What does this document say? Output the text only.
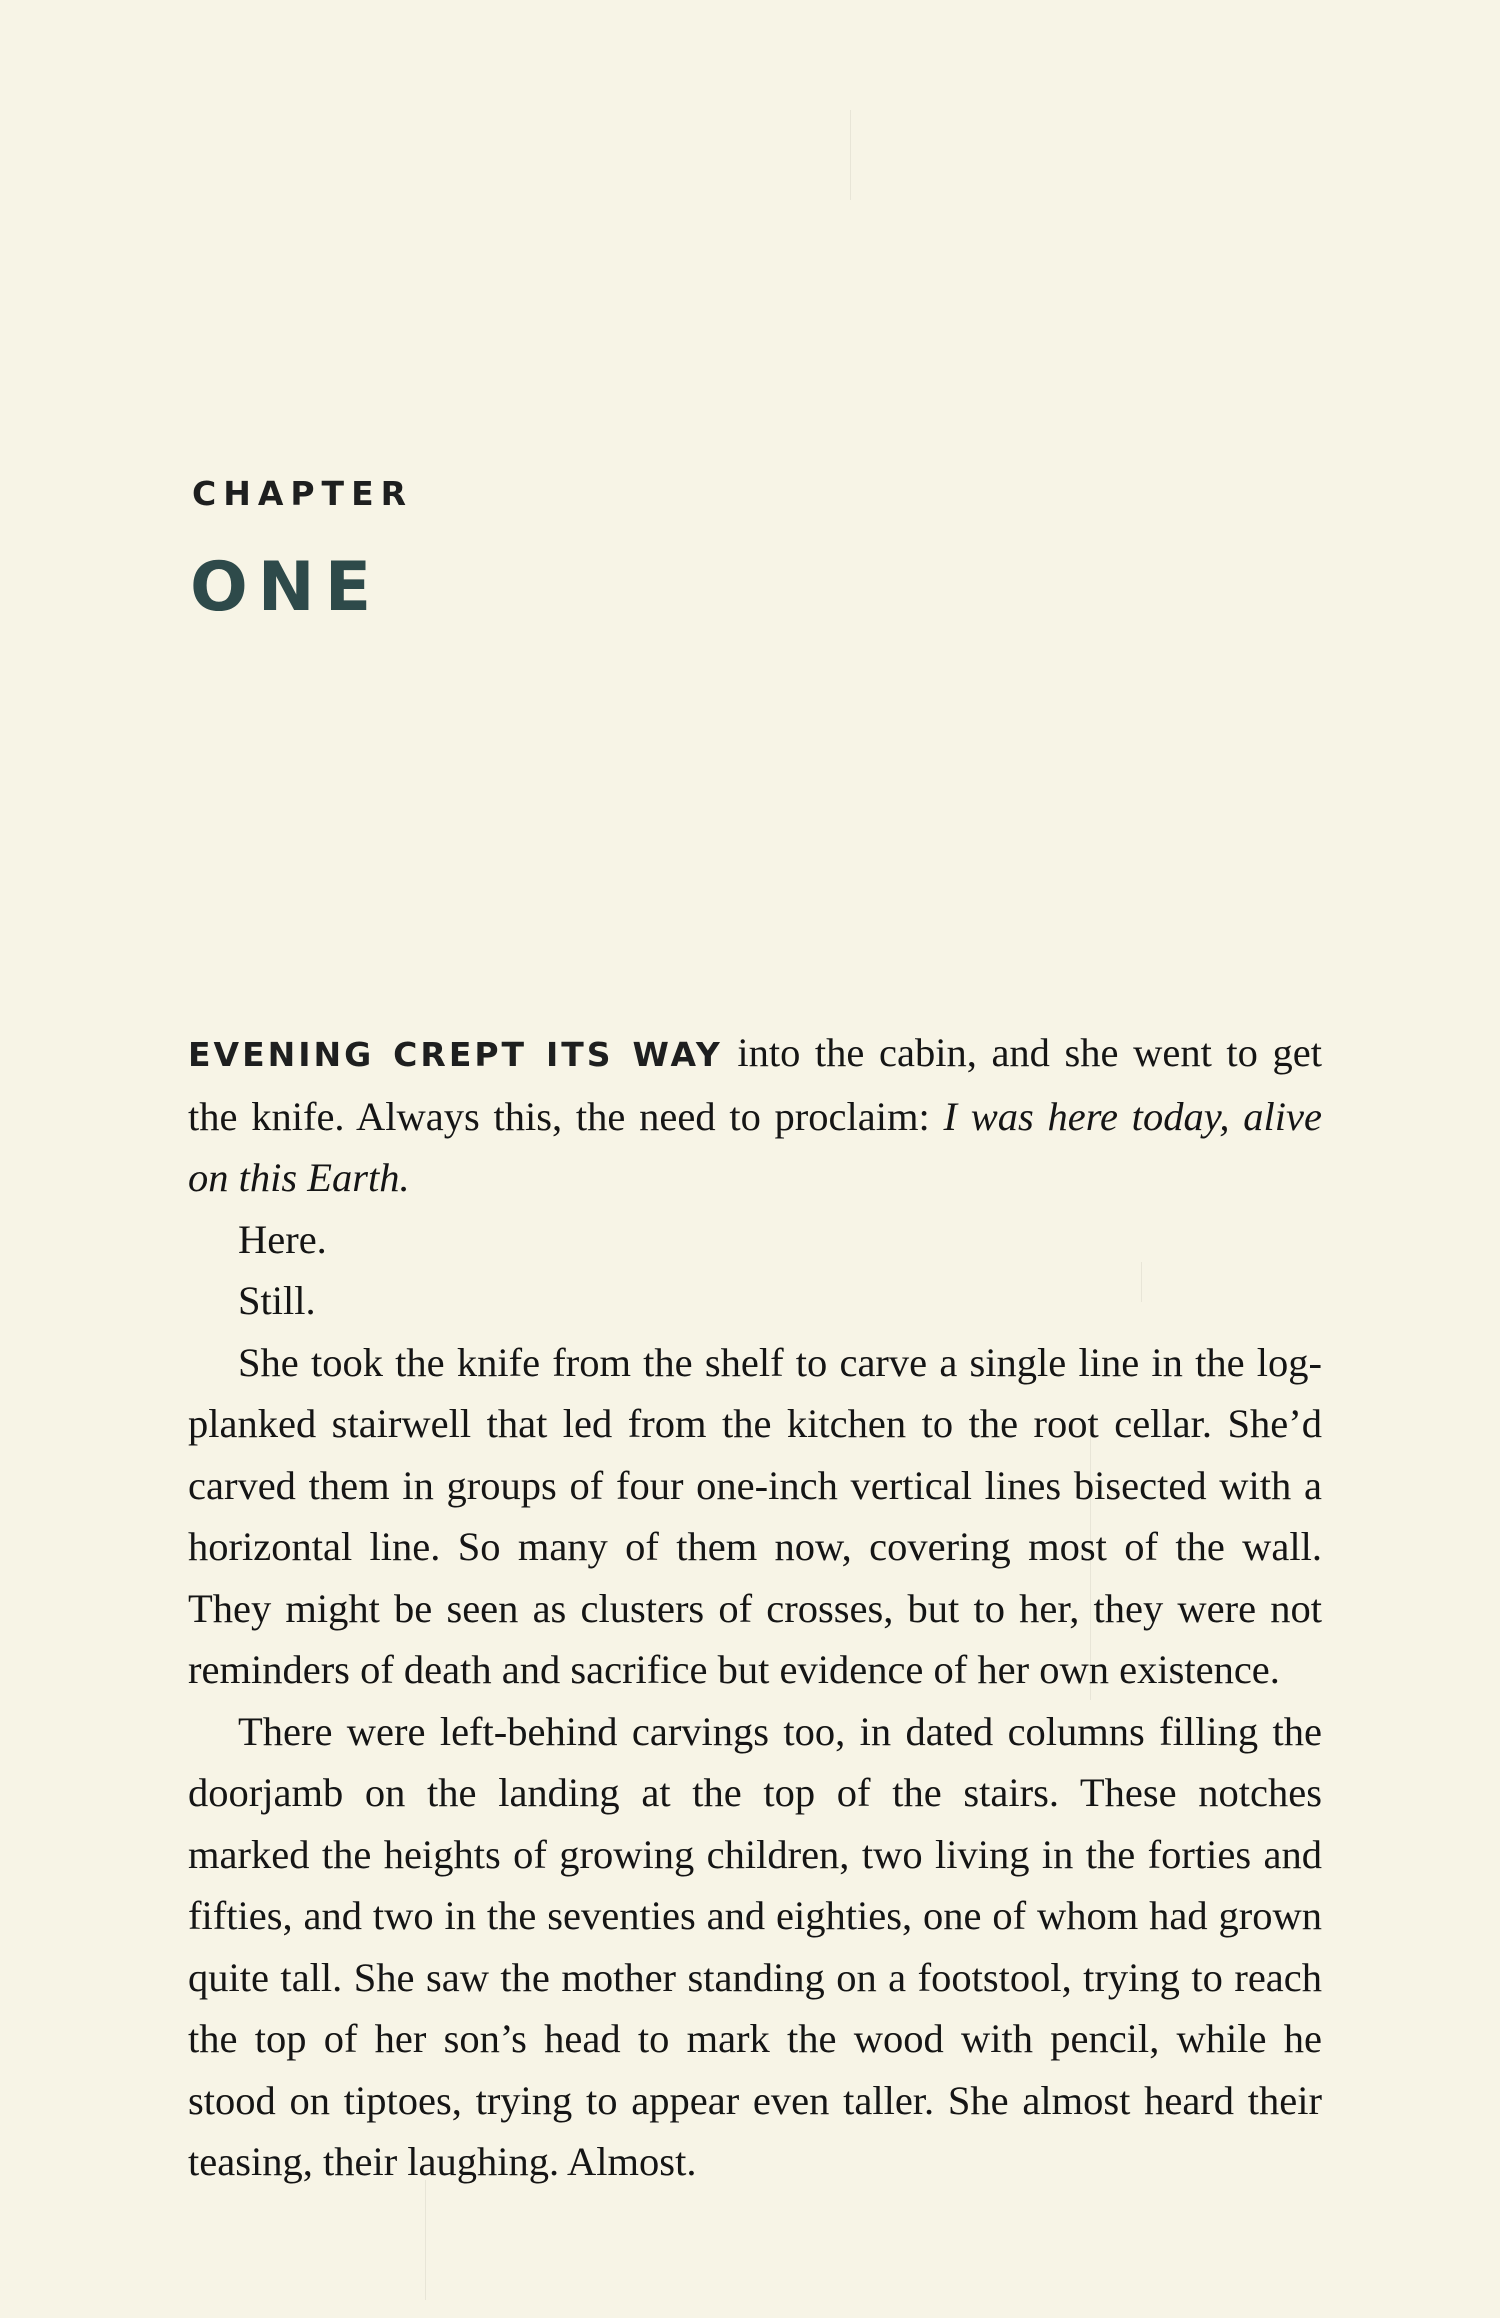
CHAPTER
ONE

EVENING CREPT ITS WAY into the cabin, and she went to get the knife. Always this, the need to proclaim: I was here today, alive on this Earth.

Here.

Still.

She took the knife from the shelf to carve a single line in the log-planked stairwell that led from the kitchen to the root cellar. She’d carved them in groups of four one-inch vertical lines bisected with a horizontal line. So many of them now, covering most of the wall. They might be seen as clusters of crosses, but to her, they were not reminders of death and sacrifice but evidence of her own existence.

There were left-behind carvings too, in dated columns filling the doorjamb on the landing at the top of the stairs. These notches marked the heights of growing children, two living in the forties and fifties, and two in the seventies and eighties, one of whom had grown quite tall. She saw the mother standing on a footstool, trying to reach the top of her son’s head to mark the wood with pencil, while he stood on tiptoes, trying to appear even taller. She almost heard their teasing, their laughing. Almost.
